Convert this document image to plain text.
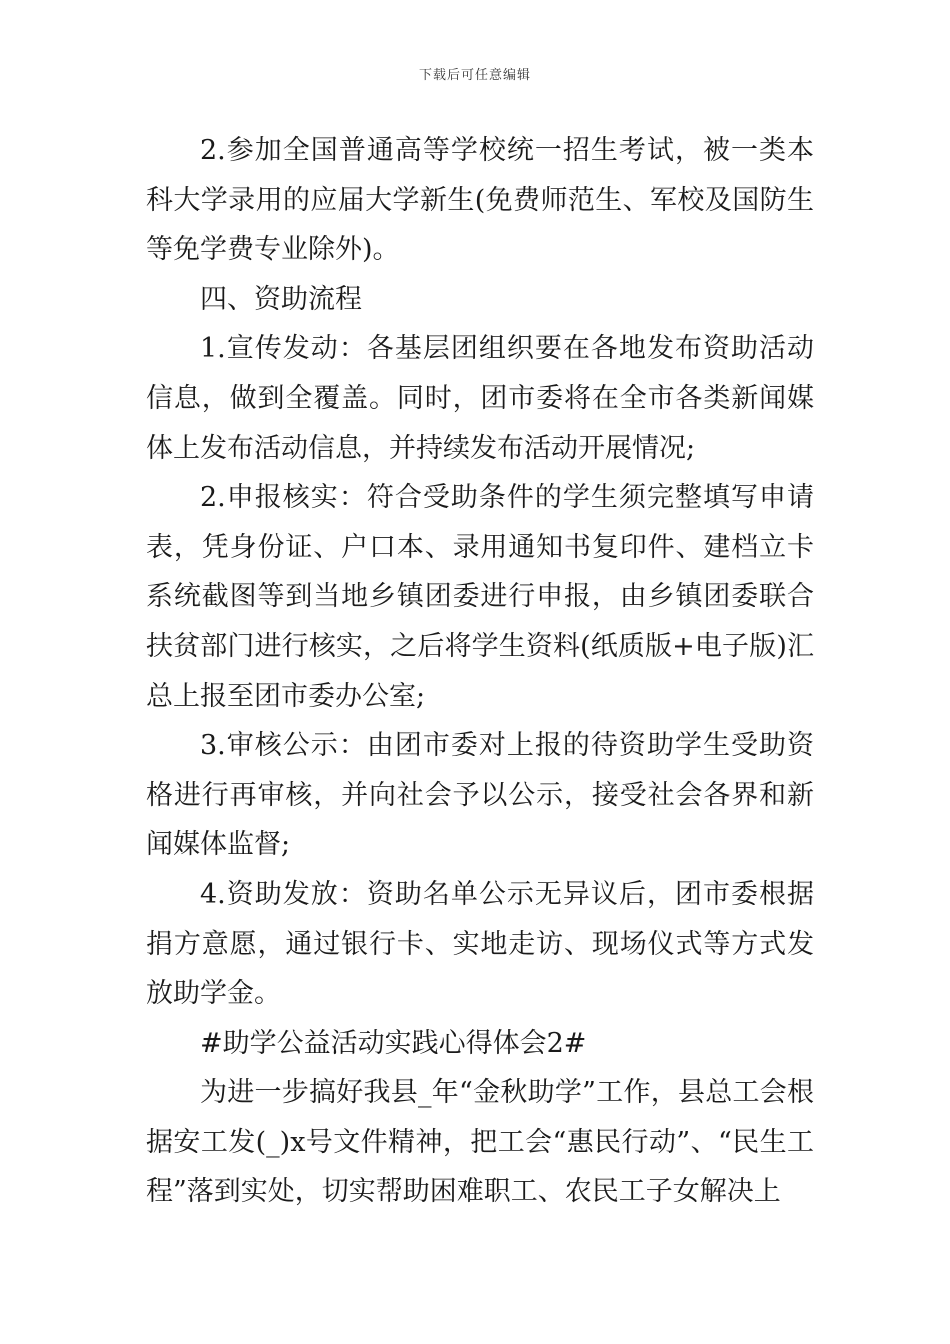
下载后可任意编辑

2.参加全国普通高等学校统一招生考试，被一类本科大学录用的应届大学新生(免费师范生、军校及国防生等免学费专业除外)。

四、资助流程

1.宣传发动：各基层团组织要在各地发布资助活动信息，做到全覆盖。同时，团市委将在全市各类新闻媒体上发布活动信息，并持续发布活动开展情况;

2.申报核实：符合受助条件的学生须完整填写申请表，凭身份证、户口本、录用通知书复印件、建档立卡系统截图等到当地乡镇团委进行申报，由乡镇团委联合扶贫部门进行核实，之后将学生资料(纸质版+电子版)汇总上报至团市委办公室;

3.审核公示：由团市委对上报的待资助学生受助资格进行再审核，并向社会予以公示，接受社会各界和新闻媒体监督;

4.资助发放：资助名单公示无异议后，团市委根据捐方意愿，通过银行卡、实地走访、现场仪式等方式发放助学金。

#助学公益活动实践心得体会2#

为进一步搞好我县_年“金秋助学”工作，县总工会根据安工发(_)x号文件精神，把工会“惠民行动”、“民生工程”落到实处，切实帮助困难职工、农民工子女解决上
